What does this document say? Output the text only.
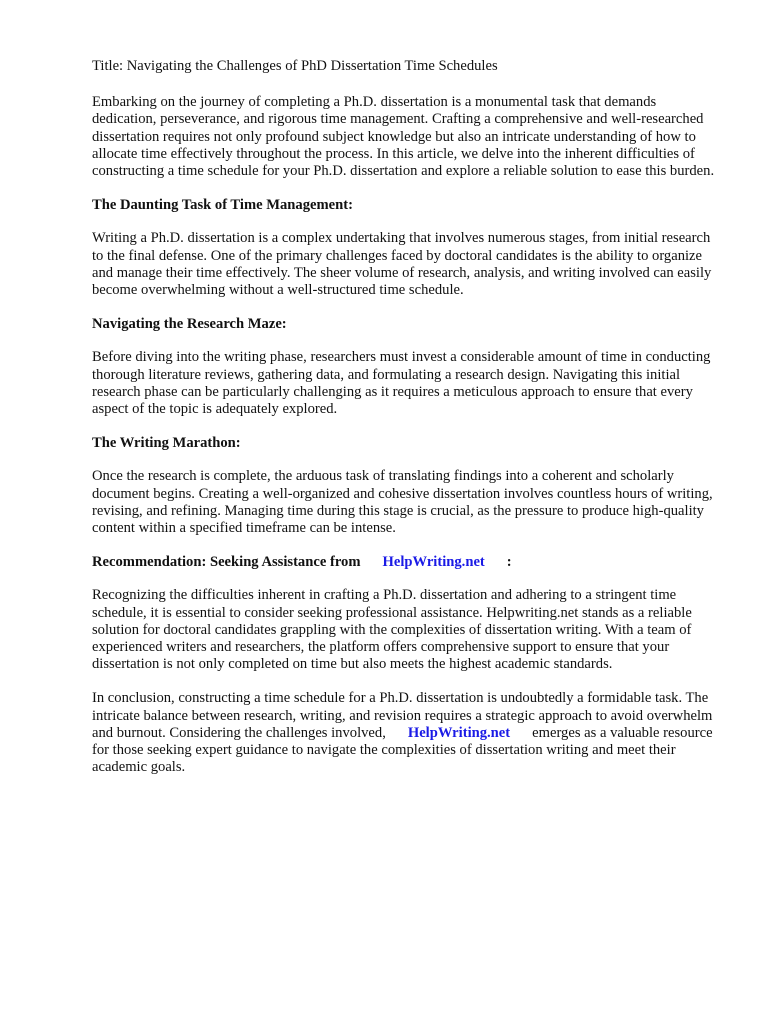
Title: Navigating the Challenges of PhD Dissertation Time Schedules

Embarking on the journey of completing a Ph.D. dissertation is a monumental task that demands dedication, perseverance, and rigorous time management. Crafting a comprehensive and well-researched dissertation requires not only profound subject knowledge but also an intricate understanding of how to allocate time effectively throughout the process. In this article, we delve into the inherent difficulties of constructing a time schedule for your Ph.D. dissertation and explore a reliable solution to ease this burden.

The Daunting Task of Time Management:

Writing a Ph.D. dissertation is a complex undertaking that involves numerous stages, from initial research to the final defense. One of the primary challenges faced by doctoral candidates is the ability to organize and manage their time effectively. The sheer volume of research, analysis, and writing involved can easily become overwhelming without a well-structured time schedule.

Navigating the Research Maze:

Before diving into the writing phase, researchers must invest a considerable amount of time in conducting thorough literature reviews, gathering data, and formulating a research design. Navigating this initial research phase can be particularly challenging as it requires a meticulous approach to ensure that every aspect of the topic is adequately explored.

The Writing Marathon:

Once the research is complete, the arduous task of translating findings into a coherent and scholarly document begins. Creating a well-organized and cohesive dissertation involves countless hours of writing, revising, and refining. Managing time during this stage is crucial, as the pressure to produce high-quality content within a specified timeframe can be intense.

Recommendation: Seeking Assistance from HelpWriting.net :

Recognizing the difficulties inherent in crafting a Ph.D. dissertation and adhering to a stringent time schedule, it is essential to consider seeking professional assistance. Helpwriting.net stands as a reliable solution for doctoral candidates grappling with the complexities of dissertation writing. With a team of experienced writers and researchers, the platform offers comprehensive support to ensure that your dissertation is not only completed on time but also meets the highest academic standards.

In conclusion, constructing a time schedule for a Ph.D. dissertation is undoubtedly a formidable task. The intricate balance between research, writing, and revision requires a strategic approach to avoid overwhelm and burnout. Considering the challenges involved, HelpWriting.net emerges as a valuable resource for those seeking expert guidance to navigate the complexities of dissertation writing and meet their academic goals.
